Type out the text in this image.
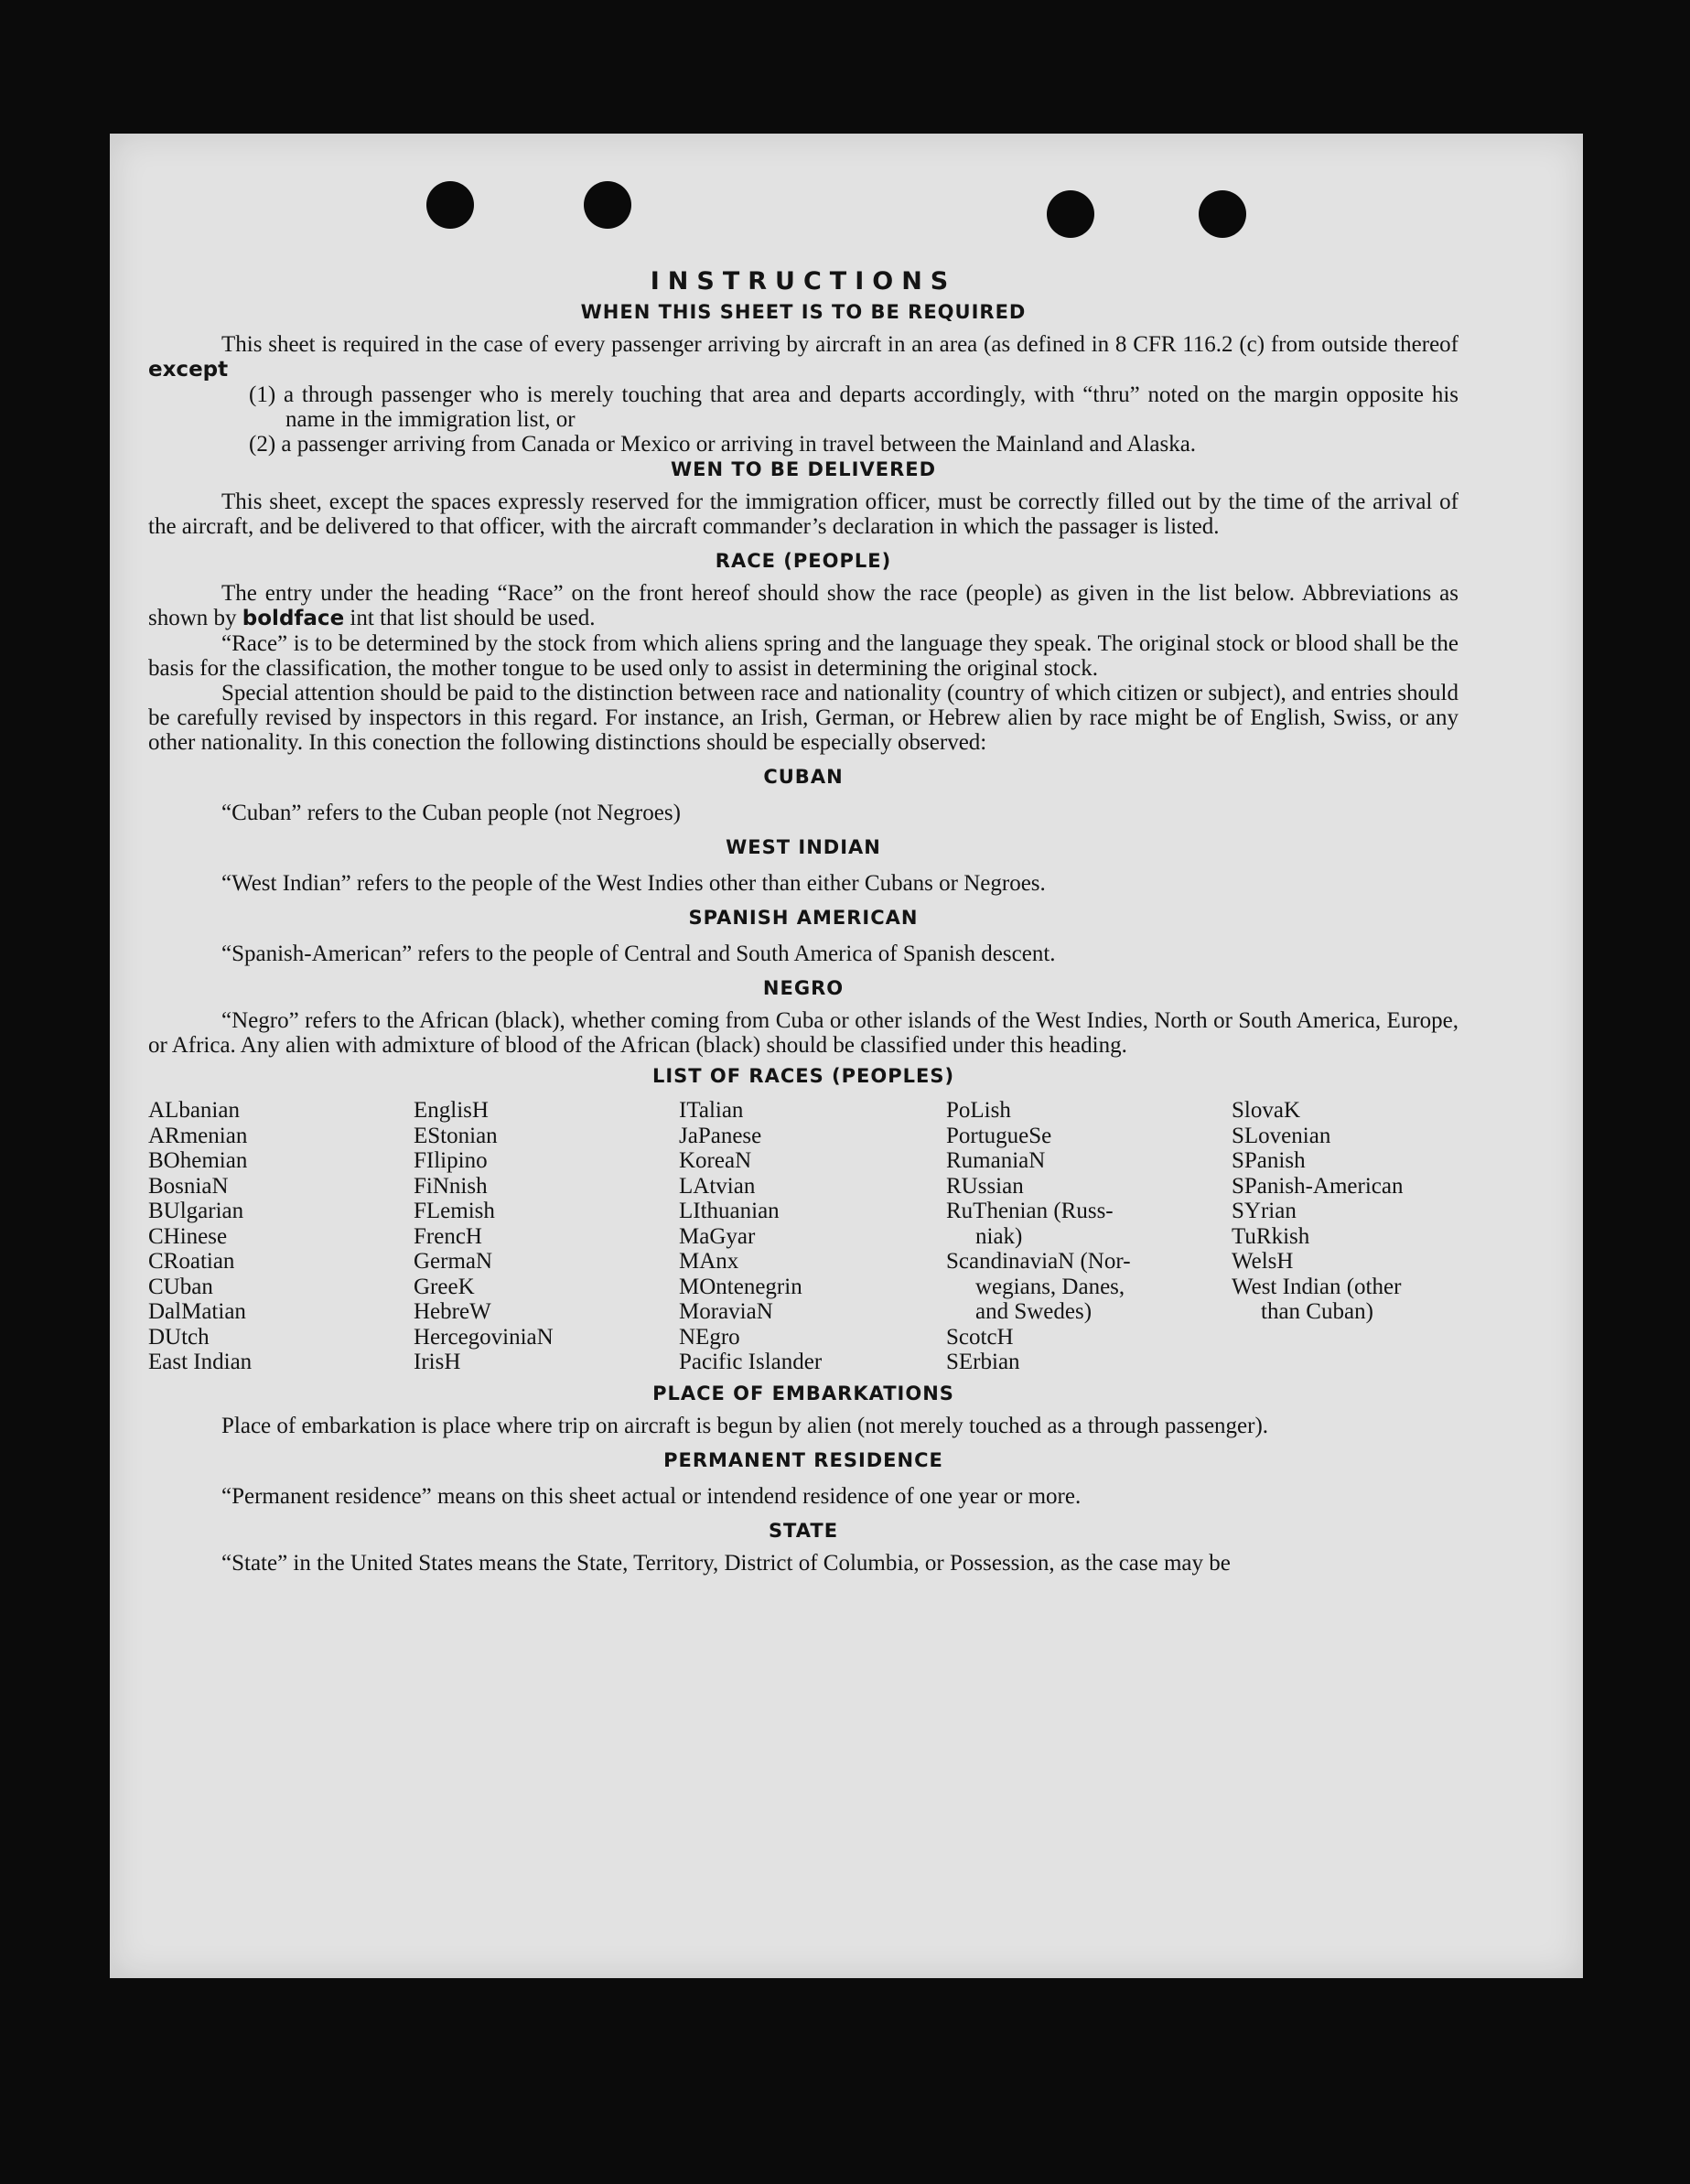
INSTRUCTIONS
WHEN THIS SHEET IS TO BE REQUIRED

This sheet is required in the case of every passenger arriving by aircraft in an area (as defined in 8 CFR 116.2 (c) from outside thereof except

(1) a through passenger who is merely touching that area and departs accordingly, with “thru” noted on the margin opposite his name in the immigration list, or

(2) a passenger arriving from Canada or Mexico or arriving in travel between the Mainland and Alaska.

WEN TO BE DELIVERED

This sheet, except the spaces expressly reserved for the immigration officer, must be correctly filled out by the time of the arrival of the aircraft, and be delivered to that officer, with the aircraft commander’s declaration in which the passager is listed.

RACE (PEOPLE)

The entry under the heading “Race” on the front hereof should show the race (people) as given in the list below. Abbreviations as shown by boldface int that list should be used.

“Race” is to be determined by the stock from which aliens spring and the language they speak. The original stock or blood shall be the basis for the classification, the mother tongue to be used only to assist in determining the original stock.

Special attention should be paid to the distinction between race and nationality (country of which citizen or subject), and entries should be carefully revised by inspectors in this regard. For instance, an Irish, German, or Hebrew alien by race might be of English, Swiss, or any other nationality. In this conection the following distinctions should be especially observed:

CUBAN

“Cuban” refers to the Cuban people (not Negroes)

WEST INDIAN

“West Indian” refers to the people of the West Indies other than either Cubans or Negroes.

SPANISH AMERICAN

“Spanish-American” refers to the people of Central and South America of Spanish descent.

NEGRO

“Negro” refers to the African (black), whether coming from Cuba or other islands of the West Indies, North or South America, Europe, or Africa. Any alien with admixture of blood of the African (black) should be classified under this heading.

LIST OF RACES (PEOPLES)
ALbanian
ARmenian
BOhemian
BosniaN
BUlgarian
CHinese
CRoatian
CUban
DalMatian
DUtch
East Indian
EnglisH
EStonian
FIlipino
FiNnish
FLemish
FrencH
GermaN
GreeK
HebreW
HercegoviniaN
IrisH
ITalian
JaPanese
KoreaN
LAtvian
LIthuanian
MaGyar
MAnx
MOntenegrin
MoraviaN
NEgro
Pacific Islander
PoLish
PortugueSe
RumaniaN
RUssian
RuThenian (Russ-
niak)
ScandinaviaN (Nor-
wegians, Danes,
and Swedes)
ScotcH
SErbian
SlovaK
SLovenian
SPanish
SPanish-American
SYrian
TuRkish
WelsH
West Indian (other
than Cuban)
PLACE OF EMBARKATIONS

Place of embarkation is place where trip on aircraft is begun by alien (not merely touched as a through passenger).

PERMANENT RESIDENCE

“Permanent residence” means on this sheet actual or intendend residence of one year or more.

STATE

“State” in the United States means the State, Territory, District of Columbia, or Possession, as the case may be
